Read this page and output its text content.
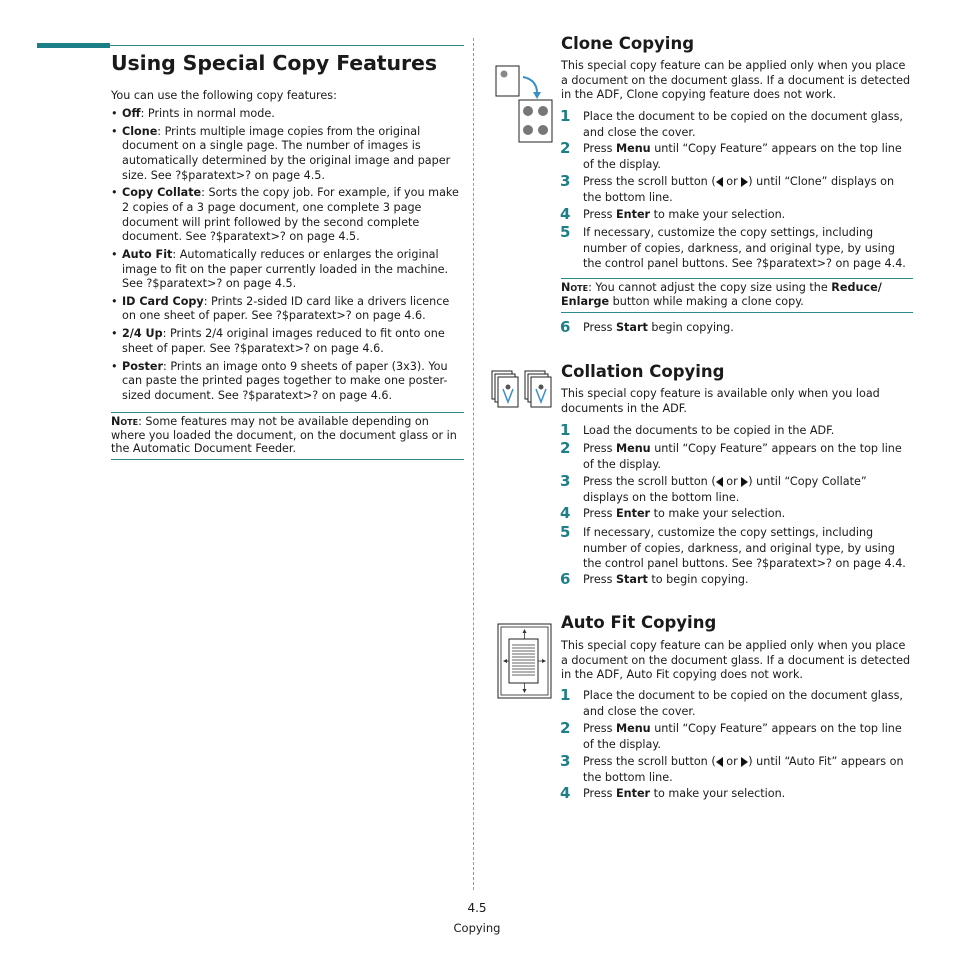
Using Special Copy Features
You can use the following copy features:
• Off: Prints in normal mode.
• Clone: Prints multiple image copies from the original document on a single page. The number of images is automatically determined by the original image and paper size. See ?$paratext>? on page 4.5.
• Copy Collate: Sorts the copy job. For example, if you make 2 copies of a 3 page document, one complete 3 page document will print followed by the second complete document. See ?$paratext>? on page 4.5.
• Auto Fit: Automatically reduces or enlarges the original image to fit on the paper currently loaded in the machine. See ?$paratext>? on page 4.5.
• ID Card Copy: Prints 2-sided ID card like a drivers licence on one sheet of paper. See ?$paratext>? on page 4.6.
• 2/4 Up: Prints 2/4 original images reduced to fit onto one sheet of paper. See ?$paratext>? on page 4.6.
• Poster: Prints an image onto 9 sheets of paper (3x3). You can paste the printed pages together to make one poster-sized document. See ?$paratext>? on page 4.6.
Note: Some features may not be available depending on where you loaded the document, on the document glass or in the Automatic Document Feeder.
Clone Copying
This special copy feature can be applied only when you place a document on the document glass. If a document is detected in the ADF, Clone copying feature does not work.
1 Place the document to be copied on the document glass, and close the cover.
2 Press Menu until “Copy Feature” appears on the top line of the display.
3 Press the scroll button ( or ) until “Clone” displays on the bottom line.
4 Press Enter to make your selection.
5 If necessary, customize the copy settings, including number of copies, darkness, and original type, by using the control panel buttons. See ?$paratext>? on page 4.4.
Note: You cannot adjust the copy size using the Reduce/ Enlarge button while making a clone copy.
6 Press Start begin copying.
Collation Copying
This special copy feature is available only when you load documents in the ADF.
1 Load the documents to be copied in the ADF.
2 Press Menu until “Copy Feature” appears on the top line of the display.
3 Press the scroll button ( or ) until “Copy Collate” displays on the bottom line.
4 Press Enter to make your selection.
5 If necessary, customize the copy settings, including number of copies, darkness, and original type, by using the control panel buttons. See ?$paratext>? on page 4.4.
6 Press Start to begin copying.
Auto Fit Copying
This special copy feature can be applied only when you place a document on the document glass. If a document is detected in the ADF, Auto Fit copying does not work.
1 Place the document to be copied on the document glass, and close the cover.
2 Press Menu until “Copy Feature” appears on the top line of the display.
3 Press the scroll button ( or ) until “Auto Fit” appears on the bottom line.
4 Press Enter to make your selection.
4.5
Copying
